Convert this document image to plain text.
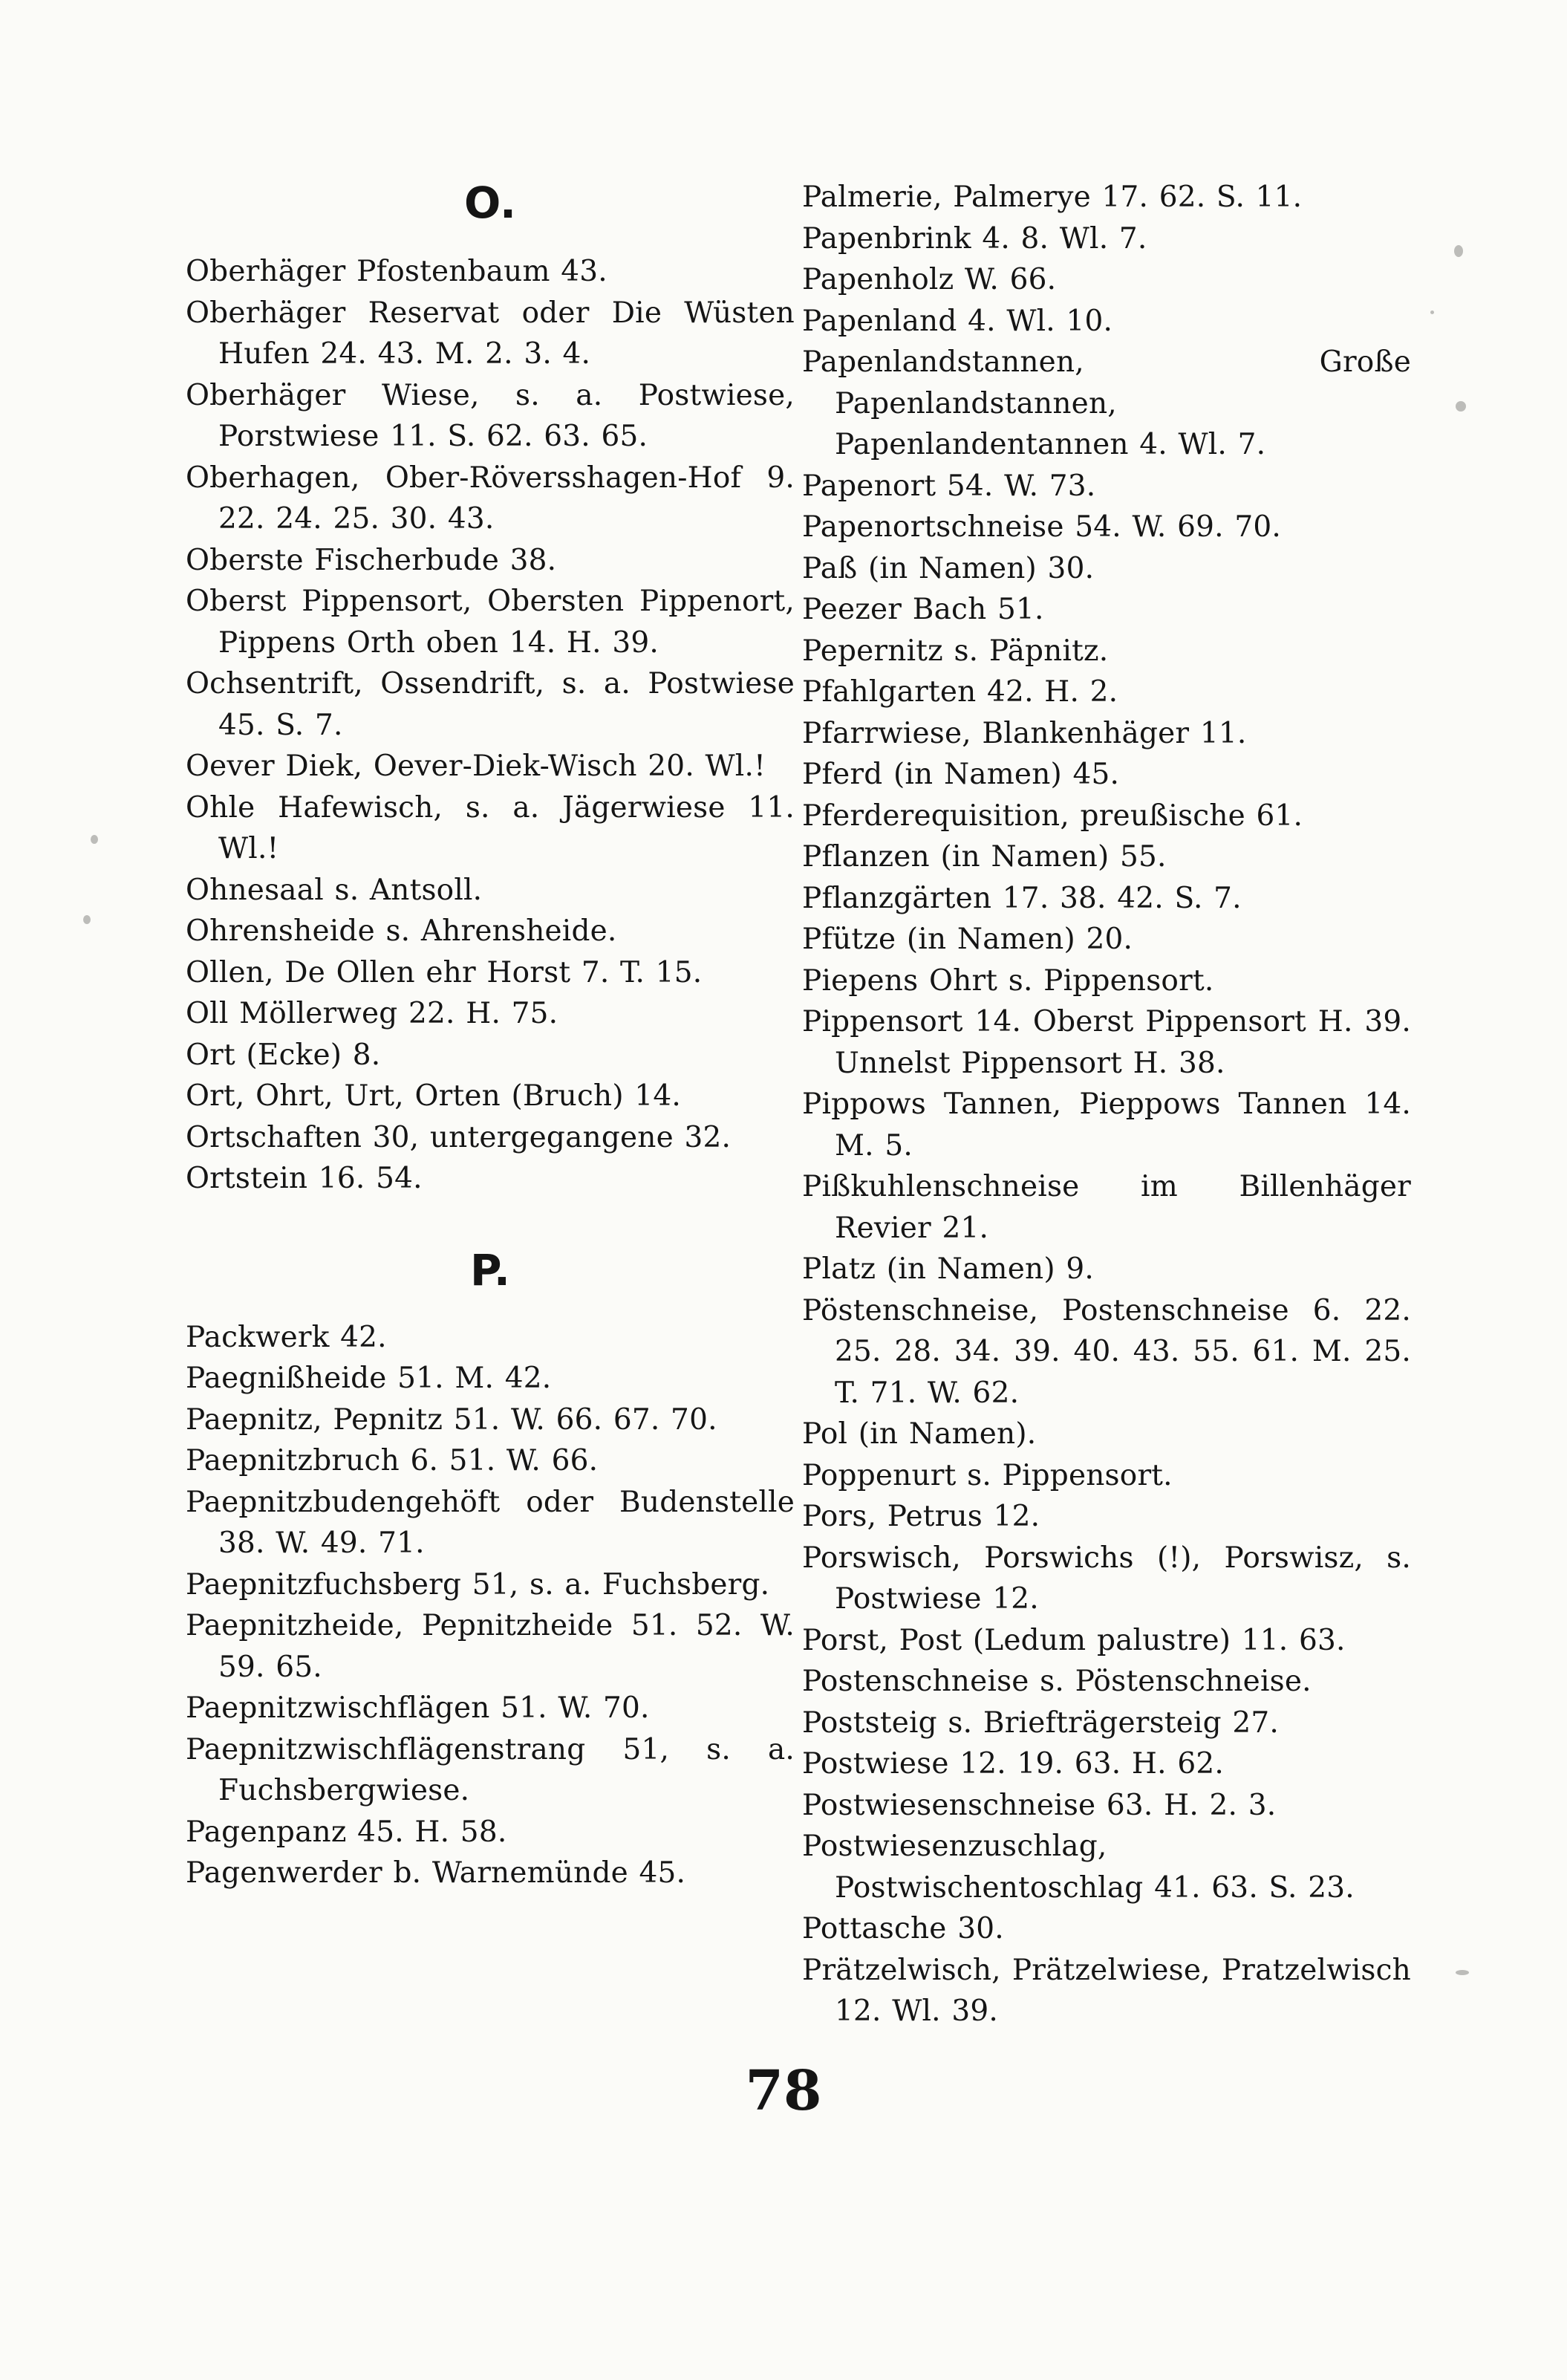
O.

Oberhäger Pfostenbaum 43.

Oberhäger Reservat oder Die Wüsten Hufen 24. 43. M. 2. 3. 4.

Oberhäger Wiese, s. a. Postwiese, Porstwiese 11. S. 62. 63. 65.

Oberhagen, Ober-Röversshagen-Hof 9. 22. 24. 25. 30. 43.

Oberste Fischerbude 38.

Oberst Pippensort, Obersten Pippenort, Pippens Orth oben 14. H. 39.

Ochsentrift, Ossendrift, s. a. Postwiese 45. S. 7.

Oever Diek, Oever-Diek-Wisch 20. Wl.!

Ohle Hafewisch, s. a. Jägerwiese 11. Wl.!

Ohnesaal s. Antsoll.

Ohrensheide s. Ahrensheide.

Ollen, De Ollen ehr Horst 7. T. 15.

Oll Möllerweg 22. H. 75.

Ort (Ecke) 8.

Ort, Ohrt, Urt, Orten (Bruch) 14.

Ortschaften 30, untergegangene 32.

Ortstein 16. 54.

P.

Packwerk 42.

Paegnißheide 51. M. 42.

Paepnitz, Pepnitz 51. W. 66. 67. 70.

Paepnitzbruch 6. 51. W. 66.

Paepnitzbudengehöft oder Budenstelle 38. W. 49. 71.

Paepnitzfuchsberg 51, s. a. Fuchsberg.

Paepnitzheide, Pepnitzheide 51. 52. W. 59. 65.

Paepnitzwischflägen 51. W. 70.

Paepnitzwischflägenstrang 51, s. a. Fuchsbergwiese.

Pagenpanz 45. H. 58.

Pagenwerder b. Warnemünde 45.

Palmerie, Palmerye 17. 62. S. 11.

Papenbrink 4. 8. Wl. 7.

Papenholz W. 66.

Papenland 4. Wl. 10.

Papenlandstannen, Große Papenlandstannen, Papenlandentannen 4. Wl. 7.

Papenort 54. W. 73.

Papenortschneise 54. W. 69. 70.

Paß (in Namen) 30.

Peezer Bach 51.

Pepernitz s. Päpnitz.

Pfahlgarten 42. H. 2.

Pfarrwiese, Blankenhäger 11.

Pferd (in Namen) 45.

Pferderequisition, preußische 61.

Pflanzen (in Namen) 55.

Pflanzgärten 17. 38. 42. S. 7.

Pfütze (in Namen) 20.

Piepens Ohrt s. Pippensort.

Pippensort 14. Oberst Pippensort H. 39. Unnelst Pippensort H. 38.

Pippows Tannen, Pieppows Tannen 14. M. 5.

Pißkuhlenschneise im Billenhäger Revier 21.

Platz (in Namen) 9.

Pöstenschneise, Postenschneise 6. 22. 25. 28. 34. 39. 40. 43. 55. 61. M. 25. T. 71. W. 62.

Pol (in Namen).

Poppenurt s. Pippensort.

Pors, Petrus 12.

Porswisch, Porswichs (!), Porswisz, s. Postwiese 12.

Porst, Post (Ledum palustre) 11. 63.

Postenschneise s. Pöstenschneise.

Poststeig s. Briefträgersteig 27.

Postwiese 12. 19. 63. H. 62.

Postwiesenschneise 63. H. 2. 3.

Postwiesenzuschlag, Postwischentoschlag 41. 63. S. 23.

Pottasche 30.

Prätzelwisch, Prätzelwiese, Pratzelwisch 12. Wl. 39.

78
